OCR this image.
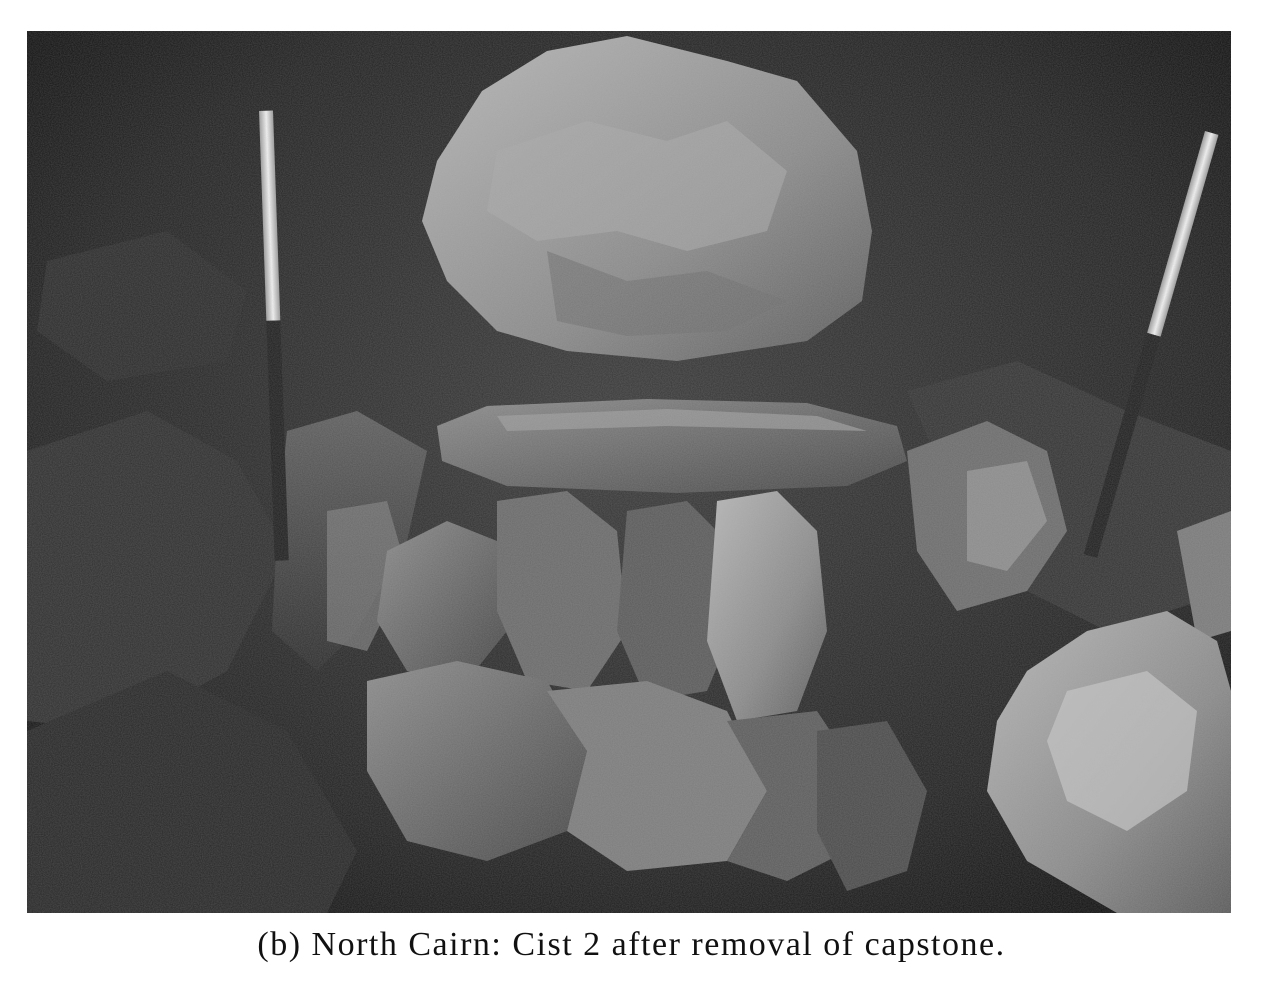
(b) North Cairn: Cist 2 after removal of capstone.
